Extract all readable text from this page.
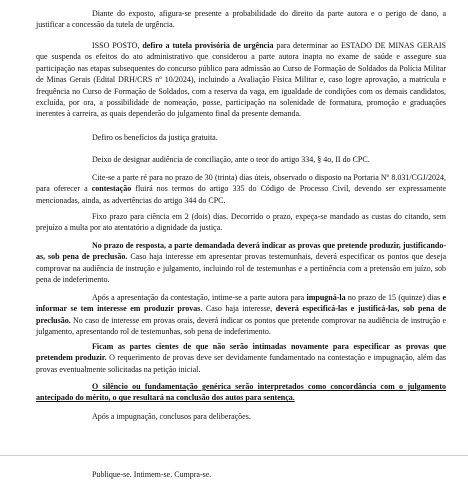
Diante do exposto, afigura-se presente a probabilidade do direito da parte autora e o perigo de dano, a justificar a concessão da tutela de urgência.

ISSO POSTO, defiro a tutela provisória de urgência para determinar ao ESTADO DE MINAS GERAIS que suspenda os efeitos do ato administrativo que considerou a parte autora inapta no exame de saúde e assegure sua participação nas etapas subsequentes do concurso público para admissão ao Curso de Formação de Soldados da Polícia Militar de Minas Gerais (Edital DRH/CRS nº 10/2024), incluindo a Avaliação Física Militar e, caso logre aprovação, a matrícula e frequência no Curso de Formação de Soldados, com a reserva da vaga, em igualdade de condições com os demais candidatos, excluída, por ora, a possibilidade de nomeação, posse, participação na solenidade de formatura, promoção e graduações inerentes à carreira, as quais dependerão do julgamento final da presente demanda.

Defiro os benefícios da justiça gratuita.

Deixo de designar audiência de conciliação, ante o teor do artigo 334, § 4o, II do CPC.

Cite-se a parte ré para no prazo de 30 (trinta) dias úteis, observado o disposto na Portaria Nº 8.031/CGJ/2024, para oferecer a contestação fluirá nos termos do artigo 335 do Código de Processo Civil, devendo ser expressamente mencionadas, ainda, as advertências do artigo 344 do CPC.

Fixo prazo para ciência em 2 (dois) dias. Decorrido o prazo, expeça-se mandado as custas do citando, sem prejuízo a multa por ato atentatório a dignidade da justiça.

No prazo de resposta, a parte demandada deverá indicar as provas que pretende produzir, justificando-as, sob pena de preclusão. Caso haja interesse em apresentar provas testemunhais, deverá especificar os pontos que deseja comprovar na audiência de instrução e julgamento, incluindo rol de testemunhas e a pertinência com a pretensão em juízo, sob pena de indeferimento.

Após a apresentação da contestação, intime-se a parte autora para impugná-la no prazo de 15 (quinze) dias e informar se tem interesse em produzir provas. Caso haja interesse, deverá especificá-las e justificá-las, sob pena de preclusão. No caso de interesse em provas orais, deverá indicar os pontos que pretende comprovar na audiência de instrução e julgamento, apresentando rol de testemunhas, sob pena de indeferimento.

Ficam as partes cientes de que não serão intimadas novamente para especificar as provas que pretendem produzir. O requerimento de provas deve ser devidamente fundamentado na contestação e impugnação, além das provas eventualmente solicitadas na petição inicial.

O silêncio ou fundamentação genérica serão interpretados como concordância com o julgamento antecipado do mérito, o que resultará na conclusão dos autos para sentença.

Após a impugnação, conclusos para deliberações.

Publique-se. Intimem-se. Cumpra-se.
